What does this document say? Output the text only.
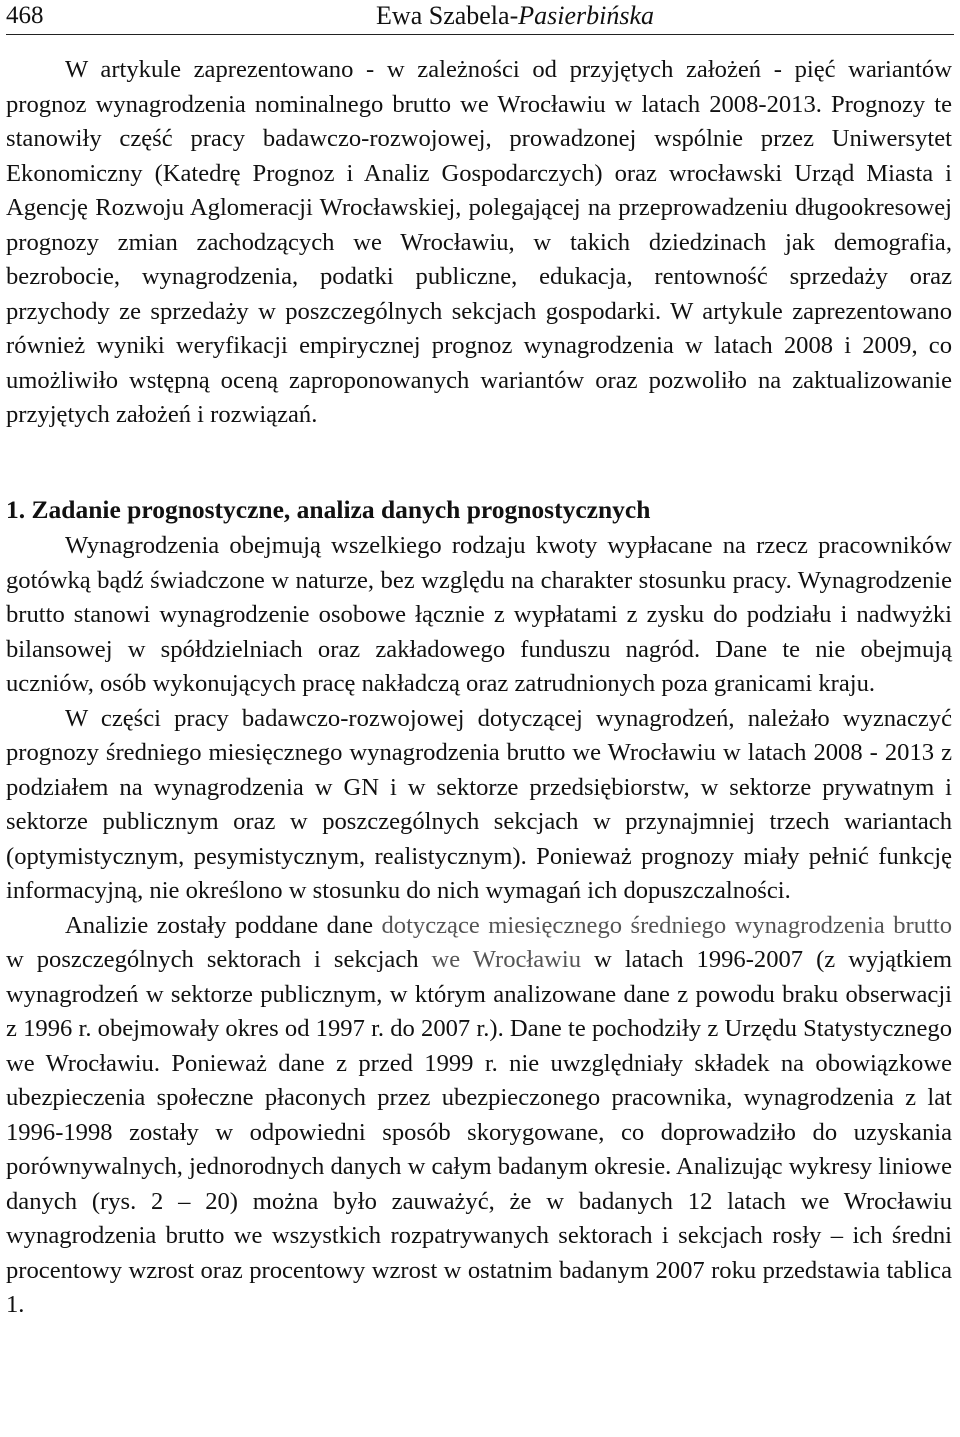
468	Ewa Szabela-Pasierbińska

W artykule zaprezentowano - w zależności od przyjętych założeń - pięć wariantów prognoz wynagrodzenia nominalnego brutto we Wrocławiu w latach 2008-2013. Prognozy te stanowiły część pracy badawczo-rozwojowej, prowadzonej wspólnie przez Uniwersytet Ekonomiczny (Katedrę Prognoz i Analiz Gospodarczych) oraz wrocławski Urząd Miasta i Agencję Rozwoju Aglomeracji Wrocławskiej, polegającej na przeprowadzeniu długookresowej prognozy zmian zachodzących we Wrocławiu, w takich dziedzinach jak demografia, bezrobocie, wynagrodzenia, podatki publiczne, edukacja, rentowność sprzedaży oraz przychody ze sprzedaży w poszczególnych sekcjach gospodarki. W artykule zaprezentowano również wyniki weryfikacji empirycznej prognoz wynagrodzenia w latach 2008 i 2009, co umożliwiło wstępną oceną zaproponowanych wariantów oraz pozwoliło na zaktualizowanie przyjętych założeń i rozwiązań.

1. Zadanie prognostyczne, analiza danych prognostycznych

Wynagrodzenia obejmują wszelkiego rodzaju kwoty wypłacane na rzecz pracowników gotówką bądź świadczone w naturze, bez względu na charakter stosunku pracy. Wynagrodzenie brutto stanowi wynagrodzenie osobowe łącznie z wypłatami z zysku do podziału i nadwyżki bilansowej w spółdzielniach oraz zakładowego funduszu nagród. Dane te nie obejmują uczniów, osób wykonujących pracę nakładczą oraz zatrudnionych poza granicami kraju.

W części pracy badawczo-rozwojowej dotyczącej wynagrodzeń, należało wyznaczyć prognozy średniego miesięcznego wynagrodzenia brutto we Wrocławiu w latach 2008 - 2013 z podziałem na wynagrodzenia w GN i w sektorze przedsiębiorstw, w sektorze prywatnym i sektorze publicznym oraz w poszczególnych sekcjach w przynajmniej trzech wariantach (optymistycznym, pesymistycznym, realistycznym). Ponieważ prognozy miały pełnić funkcję informacyjną, nie określono w stosunku do nich wymagań ich dopuszczalności.

Analizie zostały poddane dane dotyczące miesięcznego średniego wynagrodzenia brutto w poszczególnych sektorach i sekcjach we Wrocławiu w latach 1996-2007 (z wyjątkiem wynagrodzeń w sektorze publicznym, w którym analizowane dane z powodu braku obserwacji z 1996 r. obejmowały okres od 1997 r. do 2007 r.). Dane te pochodziły z Urzędu Statystycznego we Wrocławiu. Ponieważ dane z przed 1999 r. nie uwzględniały składek na obowiązkowe ubezpieczenia społeczne płaconych przez ubezpieczonego pracownika, wynagrodzenia z lat 1996-1998 zostały w odpowiedni sposób skorygowane, co doprowadziło do uzyskania porównywalnych, jednorodnych danych w całym badanym okresie. Analizując wykresy liniowe danych (rys. 2 – 20) można było zauważyć, że w badanych 12 latach we Wrocławiu wynagrodzenia brutto we wszystkich rozpatrywanych sektorach i sekcjach rosły – ich średni procentowy wzrost oraz procentowy wzrost w ostatnim badanym 2007 roku przedstawia tablica 1.
